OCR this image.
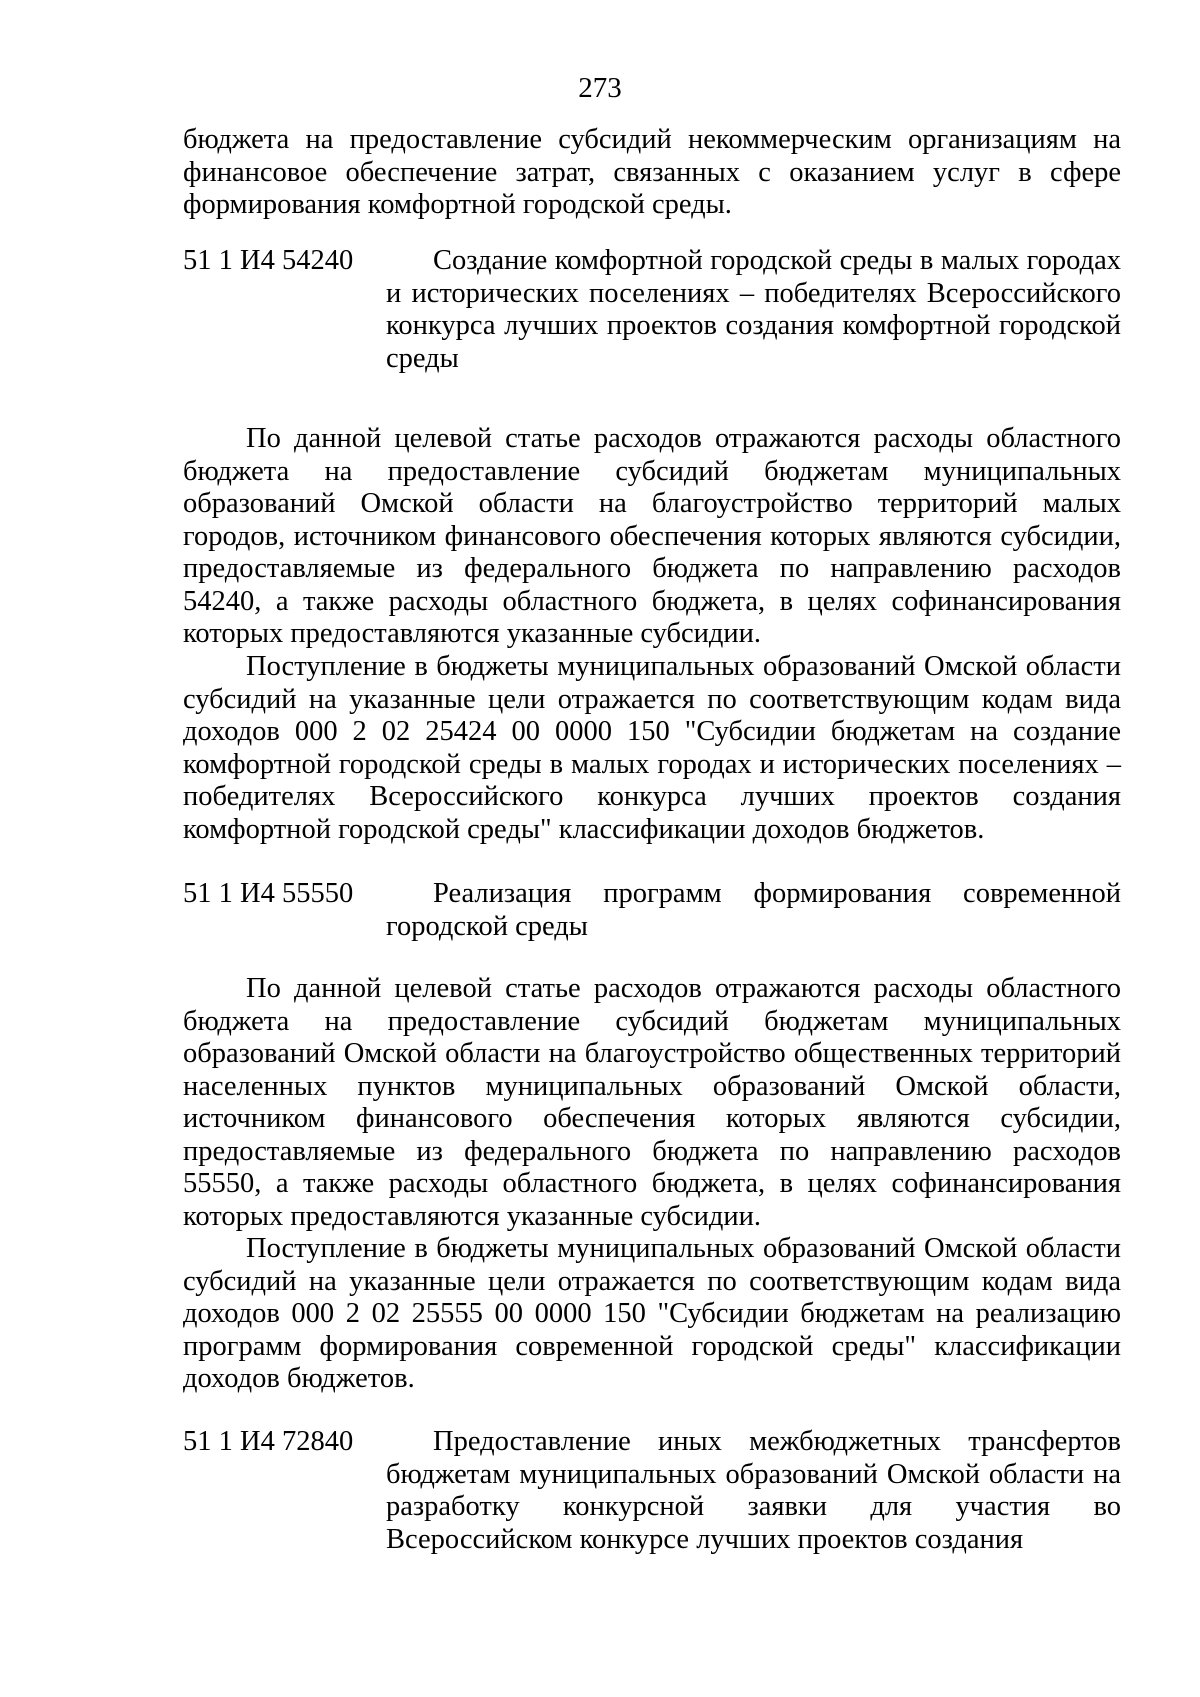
273

бюджета на предоставление субсидий некоммерческим организациям на финансовое обеспечение затрат, связанных с оказанием услуг в сфере формирования комфортной городской среды.

51 1 И4 54240	Создание комфортной городской среды в малых городах и исторических поселениях – победителях Всероссийского конкурса лучших проектов создания комфортной городской среды

По данной целевой статье расходов отражаются расходы областного бюджета на предоставление субсидий бюджетам муниципальных образований Омской области на благоустройство территорий малых городов, источником финансового обеспечения которых являются субсидии, предоставляемые из федерального бюджета по направлению расходов 54240, а также расходы областного бюджета, в целях софинансирования которых предоставляются указанные субсидии.

Поступление в бюджеты муниципальных образований Омской области субсидий на указанные цели отражается по соответствующим кодам вида доходов 000 2 02 25424 00 0000 150 "Субсидии бюджетам на создание комфортной городской среды в малых городах и исторических поселениях – победителях Всероссийского конкурса лучших проектов создания комфортной городской среды" классификации доходов бюджетов.

51 1 И4 55550	Реализация программ формирования современной городской среды

По данной целевой статье расходов отражаются расходы областного бюджета на предоставление субсидий бюджетам муниципальных образований Омской области на благоустройство общественных территорий населенных пунктов муниципальных образований Омской области, источником финансового обеспечения которых являются субсидии, предоставляемые из федерального бюджета по направлению расходов 55550, а также расходы областного бюджета, в целях софинансирования которых предоставляются указанные субсидии.

Поступление в бюджеты муниципальных образований Омской области субсидий на указанные цели отражается по соответствующим кодам вида доходов 000 2 02 25555 00 0000 150 "Субсидии бюджетам на реализацию программ формирования современной городской среды" классификации доходов бюджетов.

51 1 И4 72840	Предоставление иных межбюджетных трансфертов бюджетам муниципальных образований Омской области на разработку конкурсной заявки для участия во Всероссийском конкурсе лучших проектов создания
